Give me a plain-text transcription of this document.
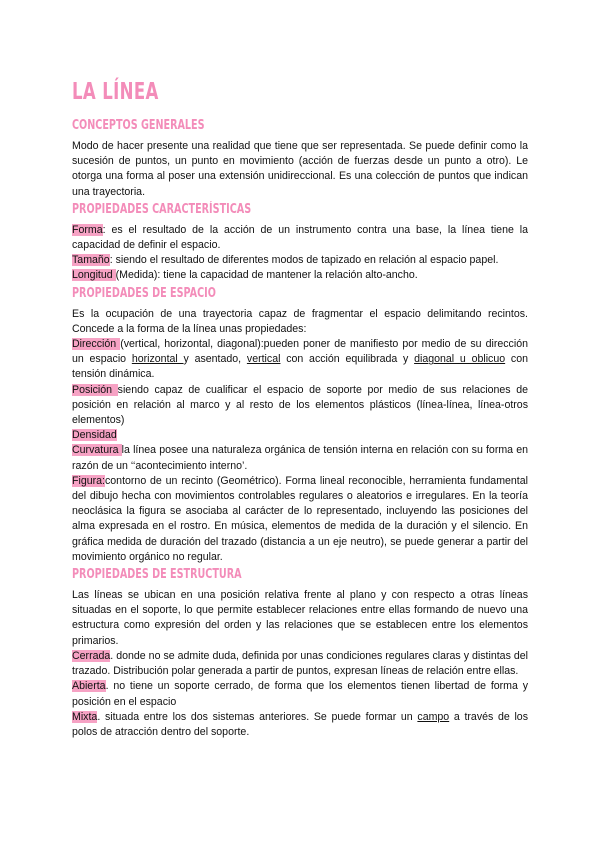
LA LÍNEA
CONCEPTOS GENERALES

Modo de hacer presente una realidad que tiene que ser representada. Se puede definir como la sucesión de puntos, un punto en movimiento (acción de fuerzas desde un punto a otro). Le otorga una forma al poser una extensión unidireccional. Es una colección de puntos que indican una trayectoria.

PROPIEDADES CARACTERÍSTICAS

Forma: es el resultado de la acción de un instrumento contra una base, la línea tiene la capacidad de definir el espacio.

Tamaño: siendo el resultado de diferentes modos de tapizado en relación al espacio papel.

Longitud (Medida): tiene la capacidad de mantener la relación alto-ancho.

PROPIEDADES DE ESPACIO

Es la ocupación de una trayectoria capaz de fragmentar el espacio delimitando recintos. Concede a la forma de la línea unas propiedades:

Dirección (vertical, horizontal, diagonal):pueden poner de manifiesto por medio de su dirección un espacio horizontal y asentado, vertical con acción equilibrada y diagonal u oblicuo con tensión dinámica.

Posición siendo capaz de cualificar el espacio de soporte por medio de sus relaciones de posición en relación al marco y al resto de los elementos plásticos (línea-línea, línea-otros elementos)

Densidad

Curvatura la línea posee una naturaleza orgánica de tensión interna en relación con su forma en razón de un ‘‘acontecimiento interno’.

Figura:contorno de un recinto (Geométrico). Forma lineal reconocible, herramienta fundamental del dibujo hecha con movimientos controlables regulares o aleatorios e irregulares. En la teoría neoclásica la figura se asociaba al carácter de lo representado, incluyendo las posiciones del alma expresada en el rostro. En música, elementos de medida de la duración y el silencio. En gráfica medida de duración del trazado (distancia a un eje neutro), se puede generar a partir del movimiento orgánico no regular.

PROPIEDADES DE ESTRUCTURA

Las líneas se ubican en una posición relativa frente al plano y con respecto a otras líneas situadas en el soporte, lo que permite establecer relaciones entre ellas formando de nuevo una estructura como expresión del orden y las relaciones que se establecen entre los elementos primarios.

Cerrada. donde no se admite duda, definida por unas condiciones regulares claras y distintas del trazado. Distribución polar generada a partir de puntos, expresan líneas de relación entre ellas.

Abierta. no tiene un soporte cerrado, de forma que los elementos tienen libertad de forma y posición en el espacio

Mixta. situada entre los dos sistemas anteriores. Se puede formar un campo a través de los polos de atracción dentro del soporte.
